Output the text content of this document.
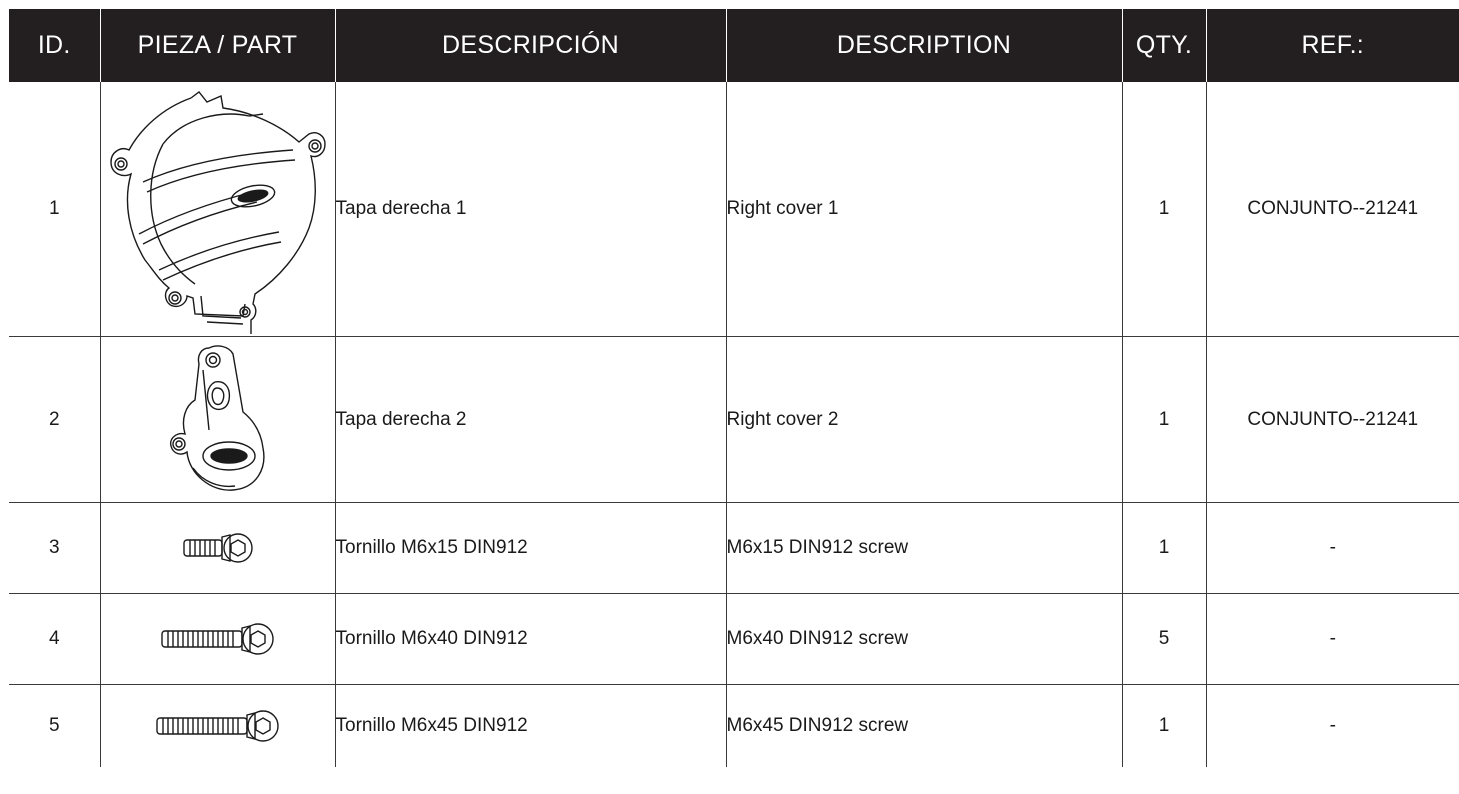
ID.	PIEZA / PART	DESCRIPCIÓN	DESCRIPTION	QTY.	REF.:
1		Tapa derecha 1	Right cover 1	1	CONJUNTO--21241
2		Tapa derecha 2	Right cover 2	1	CONJUNTO--21241
3		Tornillo M6x15 DIN912	M6x15 DIN912 screw	1	-
4		Tornillo M6x40 DIN912	M6x40 DIN912 screw	5	-
5		Tornillo M6x45 DIN912	M6x45 DIN912 screw	1	-
